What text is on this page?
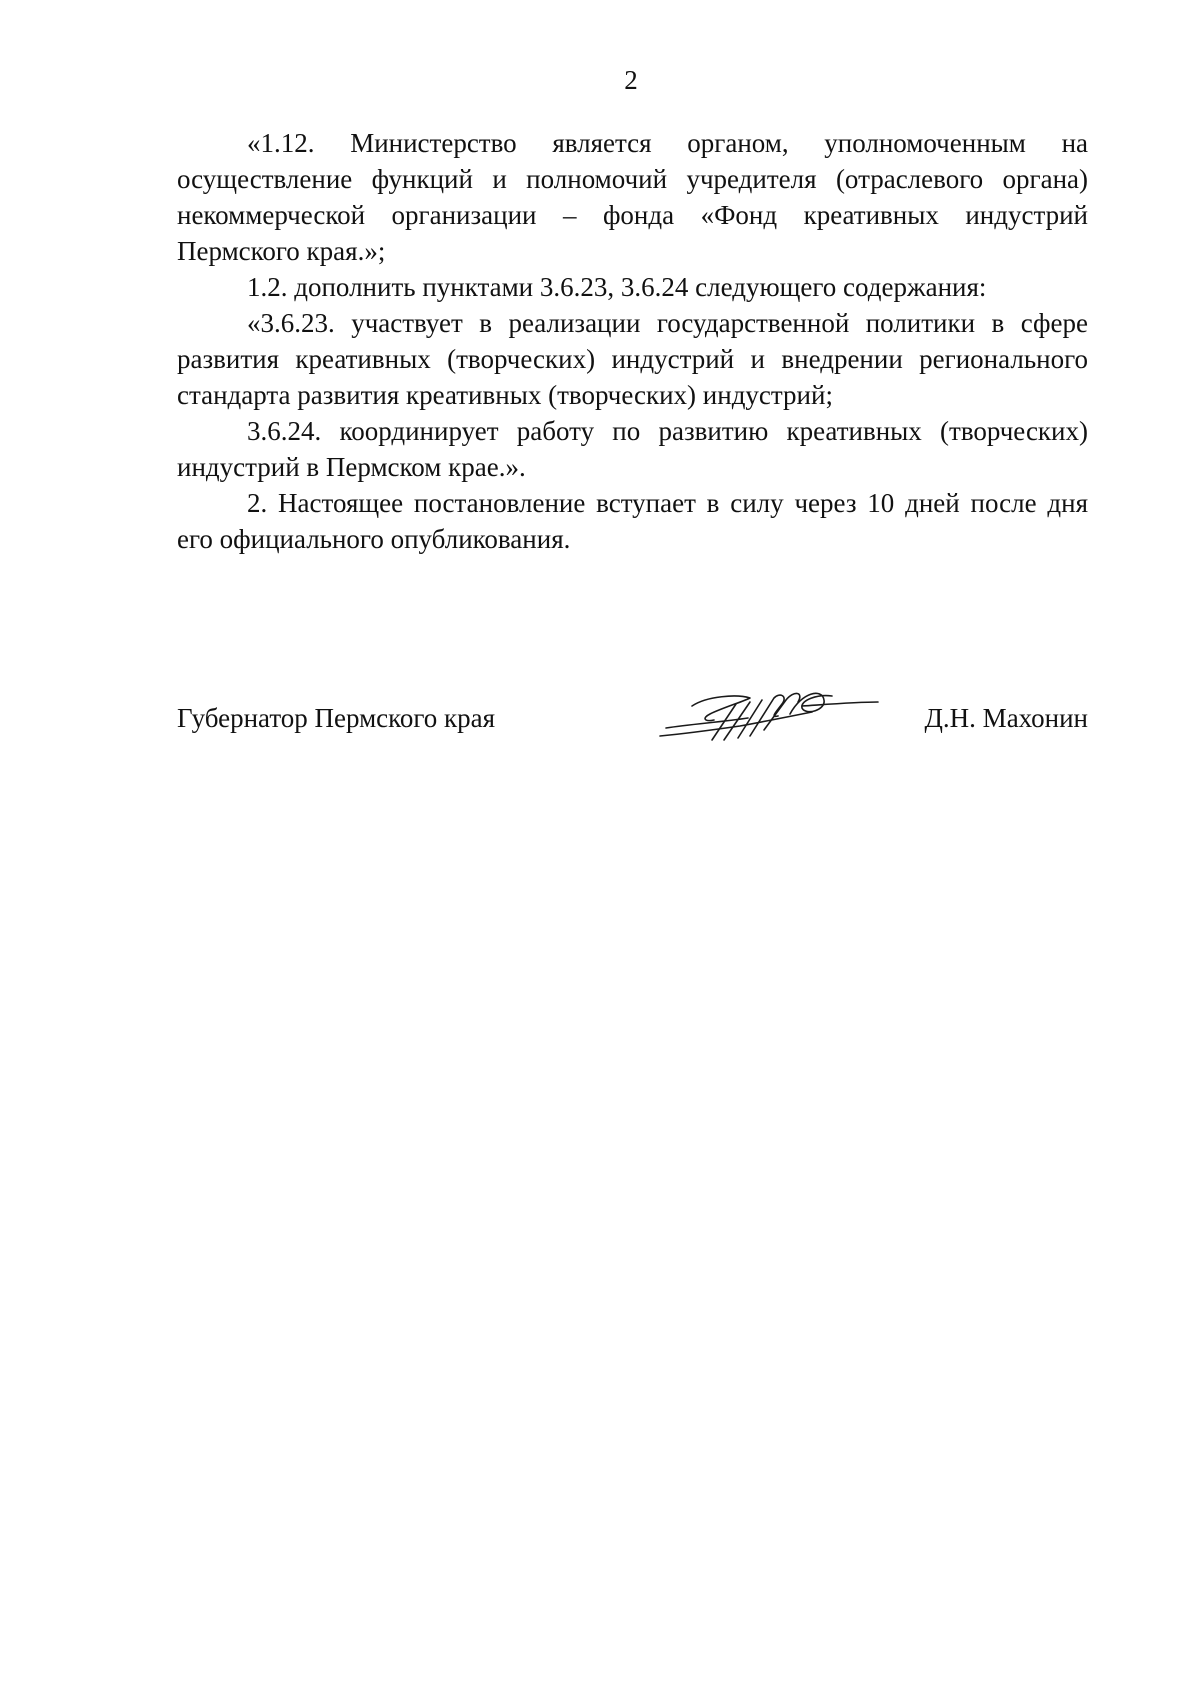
2

«1.12. Министерство является органом, уполномоченным на осуществление функций и полномочий учредителя (отраслевого органа) некоммерческой организации – фонда «Фонд креативных индустрий Пермского края.»;

1.2. дополнить пунктами 3.6.23, 3.6.24 следующего содержания:

«3.6.23. участвует в реализации государственной политики в сфере развития креативных (творческих) индустрий и внедрении регионального стандарта развития креативных (творческих) индустрий;

3.6.24. координирует работу по развитию креативных (творческих) индустрий в Пермском крае.».

2. Настоящее постановление вступает в силу через 10 дней после дня его официального опубликования.

Губернатор Пермского края	Д.Н. Махонин
